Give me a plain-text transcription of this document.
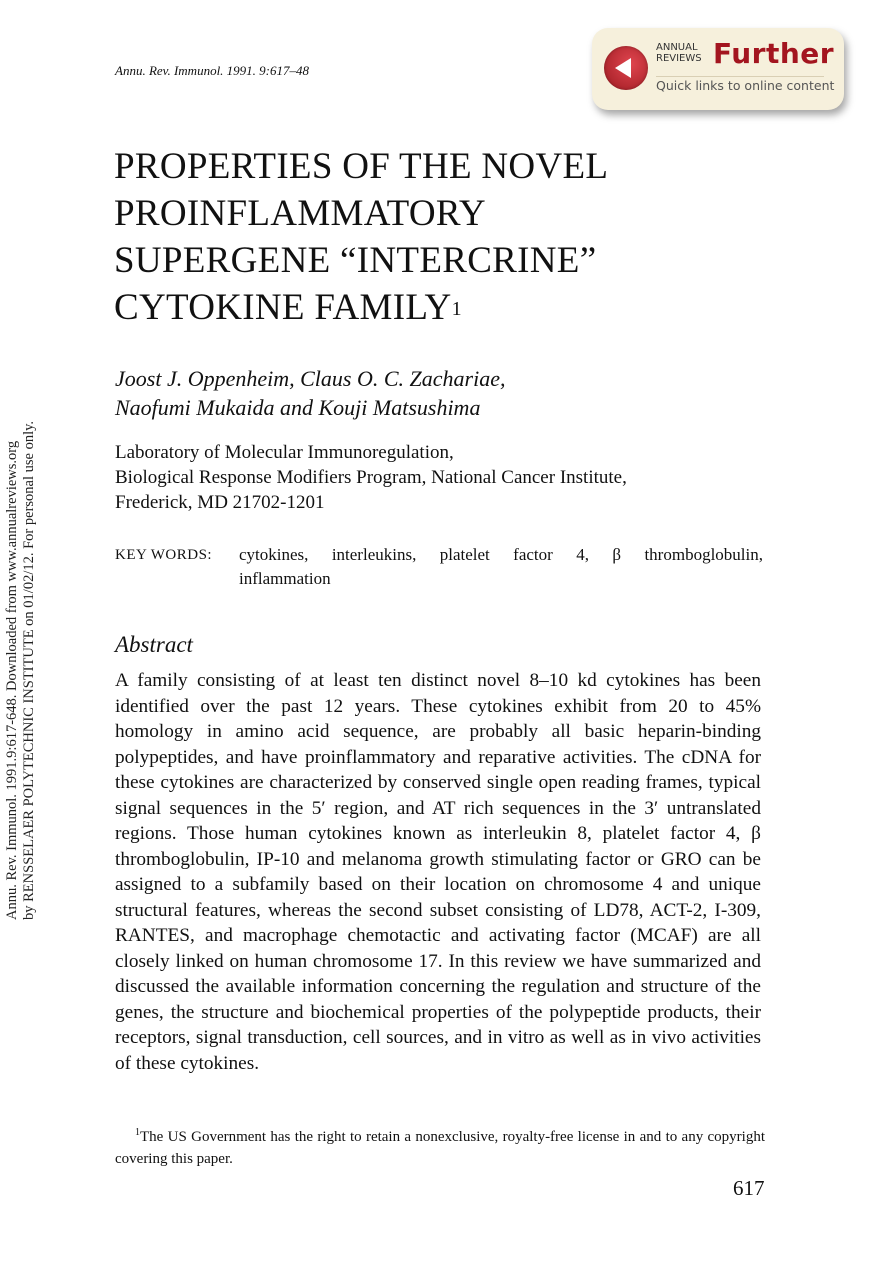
Annu. Rev. Immunol. 1991.9:617-648. Downloaded from www.annualreviews.org by RENSSELAER POLYTECHNIC INSTITUTE on 01/02/12. For personal use only.
Annu. Rev. Immunol. 1991. 9:617–48
ANNUAL
REVIEWS Further
Quick links to online content
PROPERTIES OF THE NOVEL
PROINFLAMMATORY
SUPERGENE “INTERCRINE”
CYTOKINE FAMILY$^1$
Joost J. Oppenheim, Claus O. C. Zachariae,
Naofumi Mukaida and Kouji Matsushima
Laboratory of Molecular Immunoregulation,
Biological Response Modifiers Program, National Cancer Institute,
Frederick, MD 21702-1201
KEY WORDS: cytokines, interleukins, platelet factor 4, β thromboglobulin,
inflammation
Abstract
A family consisting of at least ten distinct novel 8–10 kd cytokines has been identified over the past 12 years. These cytokines exhibit from 20 to 45% homology in amino acid sequence, are probably all basic heparin-binding polypeptides, and have proinflammatory and reparative activities. The cDNA for these cytokines are characterized by conserved single open reading frames, typical signal sequences in the 5′ region, and AT rich sequences in the 3′ untranslated regions. Those human cytokines known as interleukin 8, platelet factor 4, β thromboglobulin, IP-10 and melanoma growth stimulating factor or GRO can be assigned to a subfamily based on their location on chromosome 4 and unique structural features, whereas the second subset consisting of LD78, ACT-2, I-309, RANTES, and macrophage chemotactic and activating factor (MCAF) are all closely linked on human chromosome 17. In this review we have summarized and discussed the available information concerning the regulation and structure of the genes, the structure and biochemical properties of the polypeptide products, their receptors, signal transduction, cell sources, and in vitro as well as in vivo activities of these cytokines.
$^1$The US Government has the right to retain a nonexclusive, royalty-free license in and to any copyright covering this paper.
617
